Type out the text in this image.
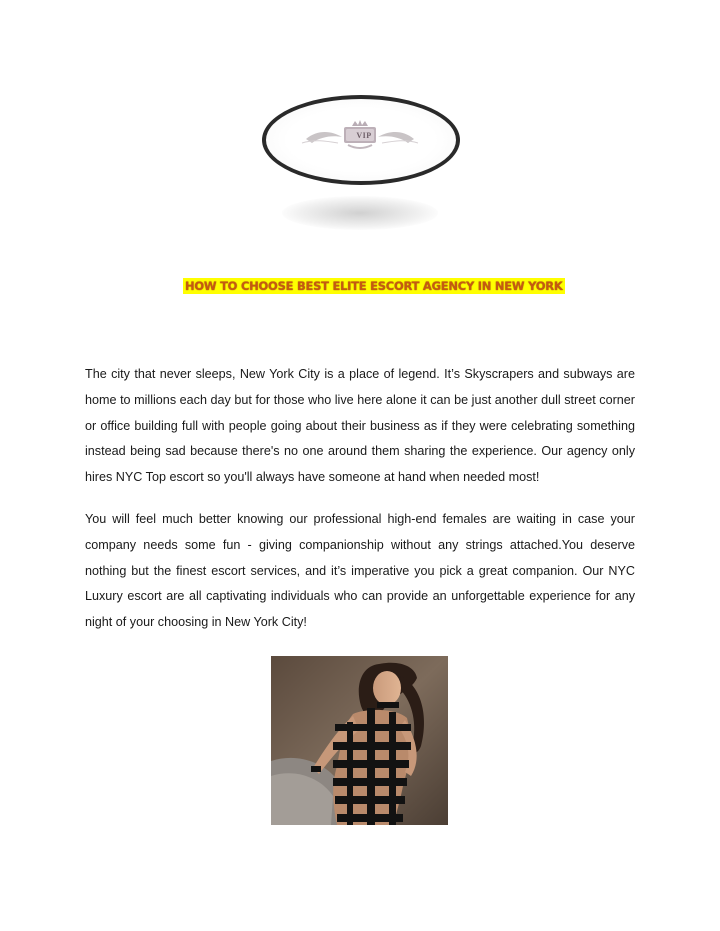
VIP
HOW TO CHOOSE BEST ELITE ESCORT AGENCY IN NEW YORK

The city that never sleeps, New York City is a place of legend. It’s Skyscrapers and subways are home to millions each day but for those who live here alone it can be just another dull street corner or office building full with people going about their business as if they were celebrating something instead being sad because there's no one around them sharing the experience. Our agency only hires NYC Top escort so you'll always have someone at hand when needed most!

You will feel much better knowing our professional high-end females are waiting in case your company needs some fun - giving companionship without any strings attached.You deserve nothing but the finest escort services, and it’s imperative you pick a great companion. Our NYC Luxury escort are all captivating individuals who can provide an unforgettable experience for any night of your choosing in New York City!
